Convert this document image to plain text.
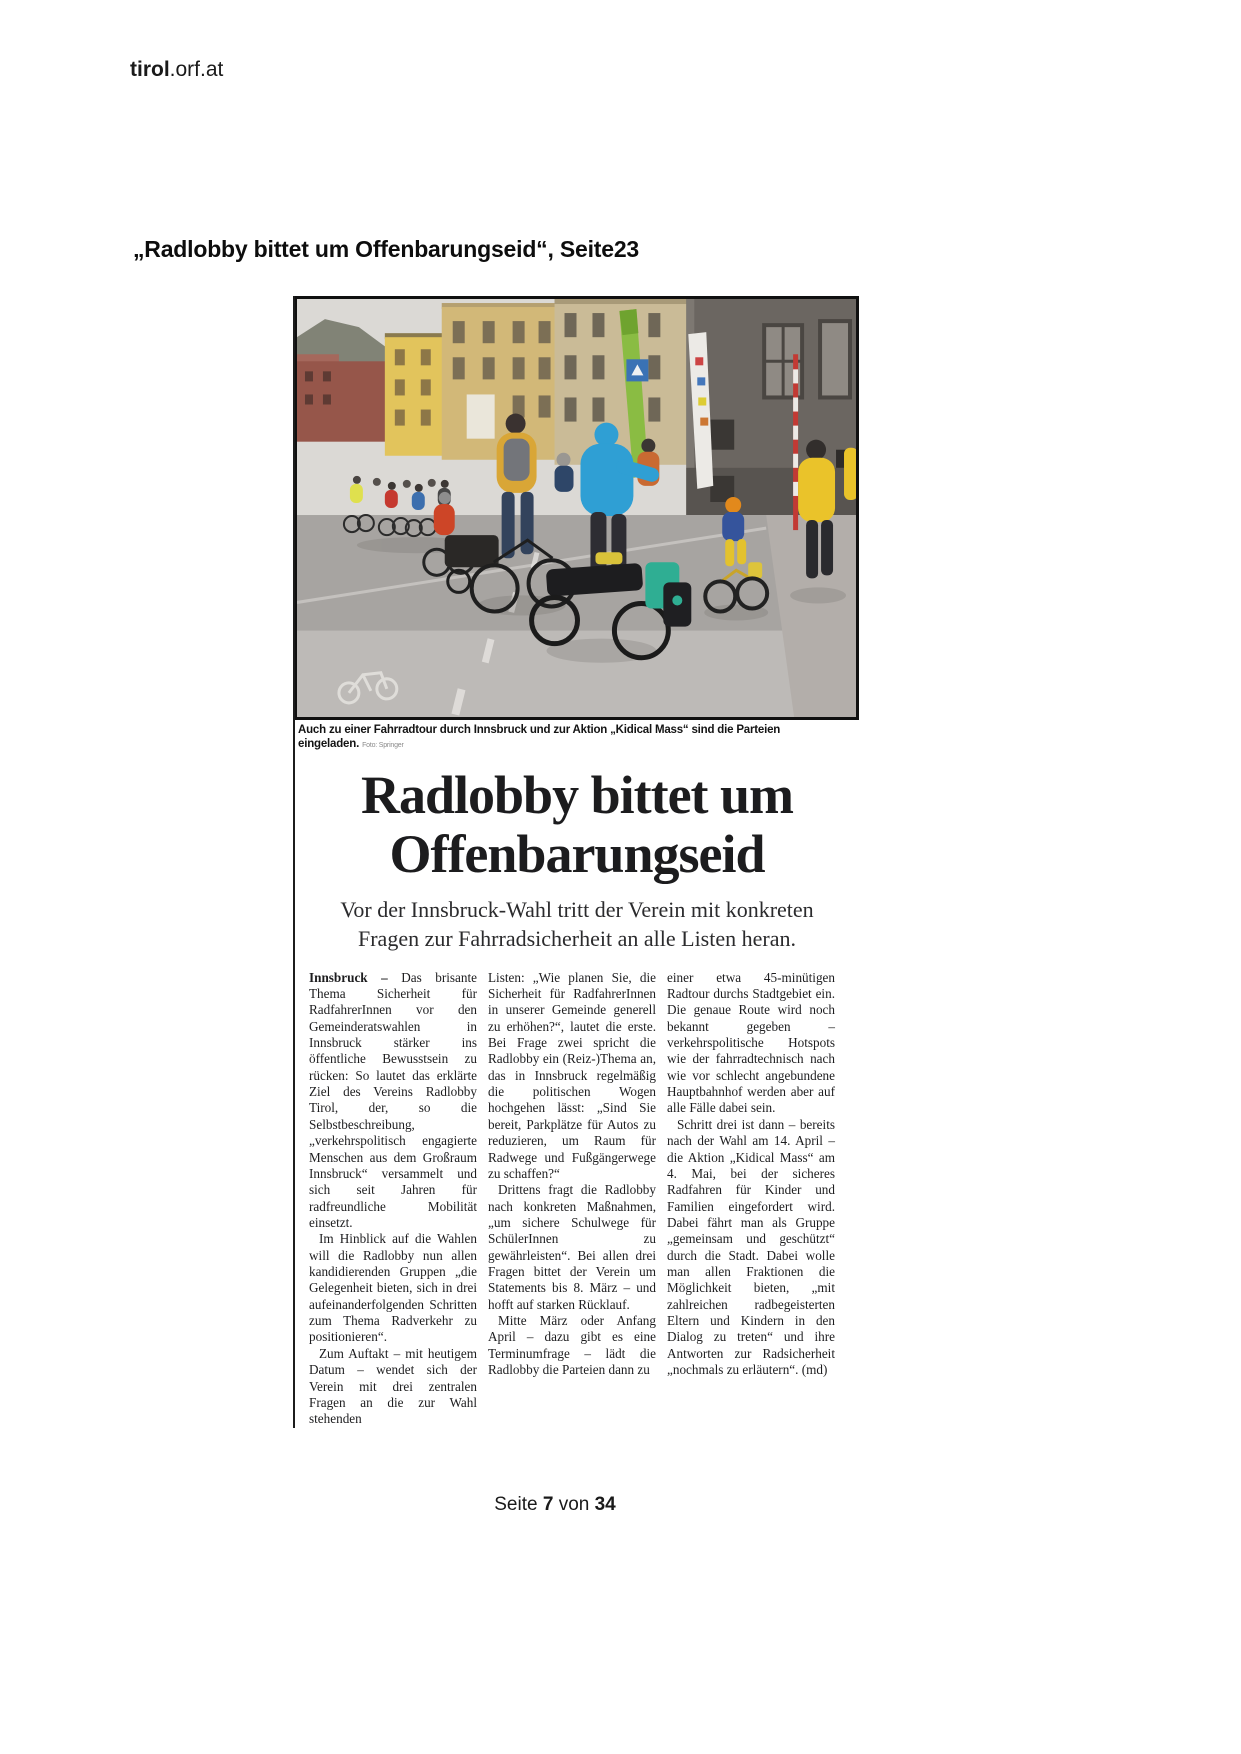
tirol.orf.at
„Radlobby bittet um Offenbarungseid“, Seite23
Auch zu einer Fahrradtour durch Innsbruck und zur Aktion „Kidical Mass“ sind die Parteien eingeladen. Foto: Springer
Radlobby bittet um
Offenbarungseid
Vor der Innsbruck-Wahl tritt der Verein mit konkreten Fragen zur Fahrradsicherheit an alle Listen heran.

Innsbruck – Das brisante Thema Sicherheit für RadfahrerInnen vor den Gemeinderatswahlen in Innsbruck stärker ins öffentliche Bewusstsein zu rücken: So lautet das erklärte Ziel des Vereins Radlobby Tirol, der, so die Selbstbeschreibung, „verkehrspolitisch engagierte Menschen aus dem Großraum Innsbruck“ versammelt und sich seit Jahren für radfreundliche Mobilität einsetzt.

Im Hinblick auf die Wahlen will die Radlobby nun allen kandidierenden Gruppen „die Gelegenheit bieten, sich in drei aufeinanderfolgenden Schritten zum Thema Radverkehr zu positionieren“.

Zum Auftakt – mit heutigem Datum – wendet sich der Verein mit drei zentralen Fragen an die zur Wahl stehenden

Listen: „Wie planen Sie, die Sicherheit für RadfahrerInnen in unserer Gemeinde generell zu erhöhen?“, lautet die erste. Bei Frage zwei spricht die Radlobby ein (Reiz-)Thema an, das in Innsbruck regelmäßig die politischen Wogen hochgehen lässt: „Sind Sie bereit, Parkplätze für Autos zu reduzieren, um Raum für Radwege und Fußgängerwege zu schaffen?“

Drittens fragt die Radlobby nach konkreten Maßnahmen, „um sichere Schulwege für SchülerInnen zu gewährleisten“. Bei allen drei Fragen bittet der Verein um Statements bis 8. März – und hofft auf starken Rücklauf.

Mitte März oder Anfang April – dazu gibt es eine Terminumfrage – lädt die Radlobby die Parteien dann zu

einer etwa 45-minütigen Radtour durchs Stadtgebiet ein. Die genaue Route wird noch bekannt gegeben – verkehrspolitische Hotspots wie der fahrradtechnisch nach wie vor schlecht angebundene Hauptbahnhof werden aber auf alle Fälle dabei sein.

Schritt drei ist dann – bereits nach der Wahl am 14. April – die Aktion „Kidical Mass“ am 4. Mai, bei der sicheres Radfahren für Kinder und Familien eingefordert wird. Dabei fährt man als Gruppe „gemeinsam und geschützt“ durch die Stadt. Dabei wolle man allen Fraktionen die Möglichkeit bieten, „mit zahlreichen radbegeisterten Eltern und Kindern in den Dialog zu treten“ und ihre Antworten zur Radsicherheit „nochmals zu erläutern“. (md)

Seite 7 von 34
